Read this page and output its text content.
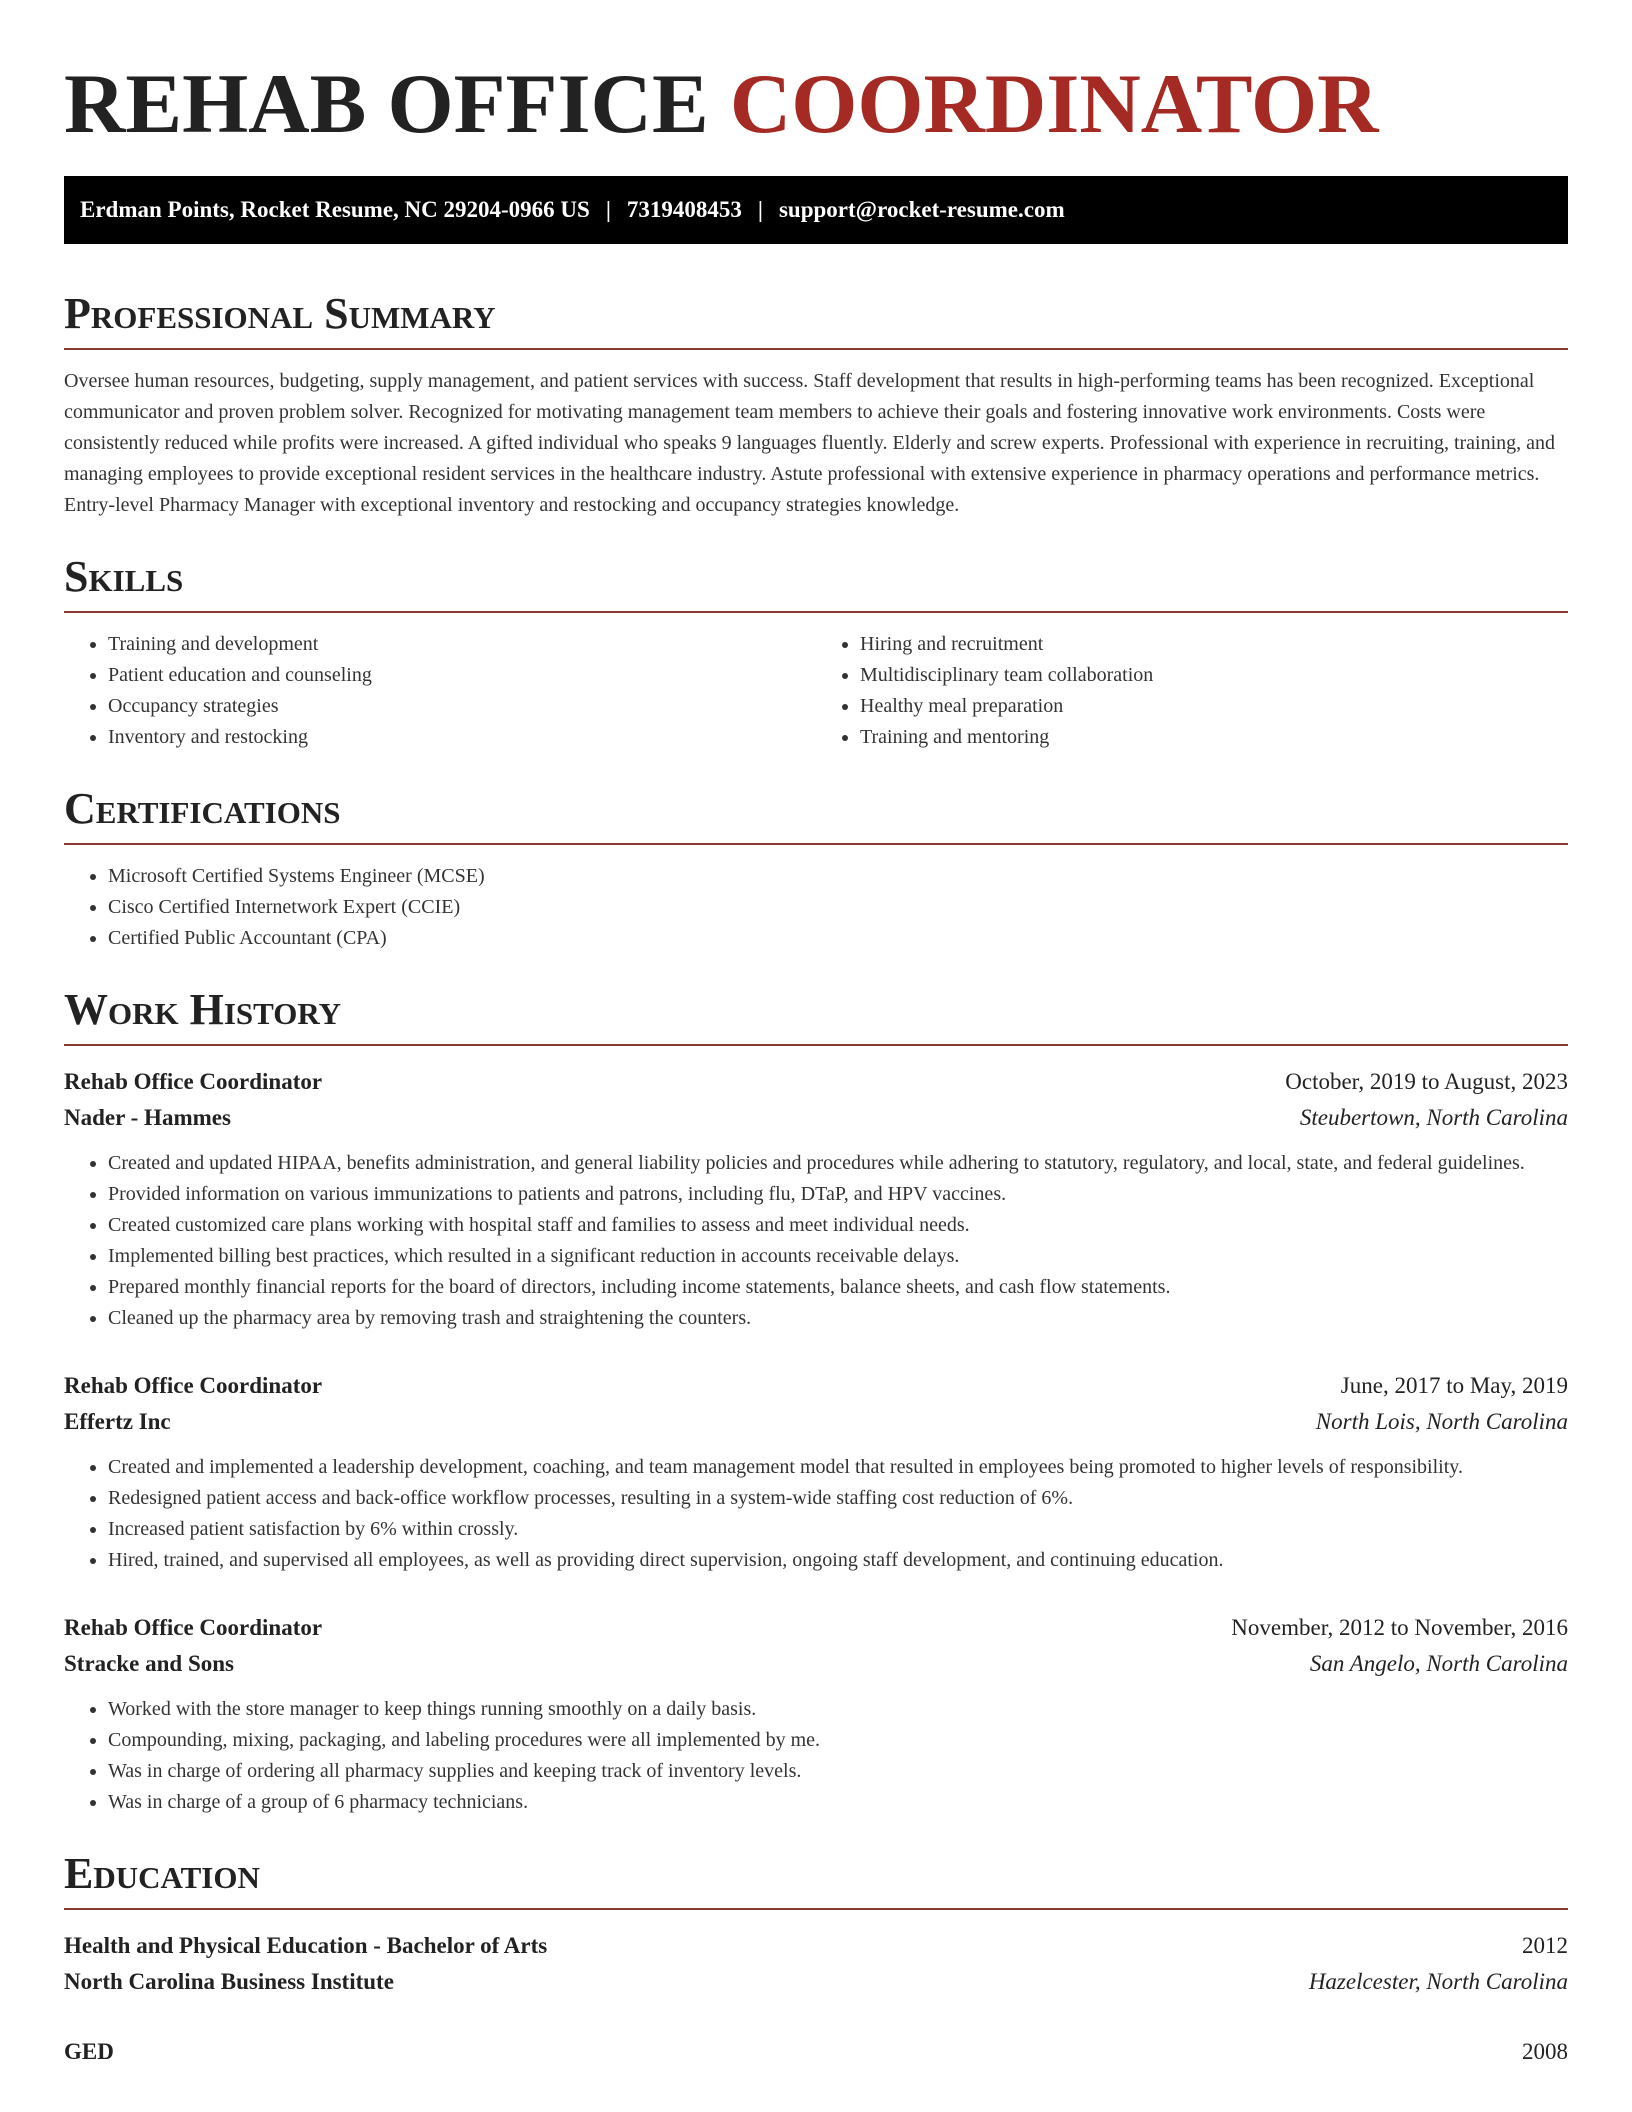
REHAB OFFICE COORDINATOR
Erdman Points, Rocket Resume, NC 29204-0966 US | 7319408453 | support@rocket-resume.com
Professional Summary

Oversee human resources, budgeting, supply management, and patient services with success. Staff development that results in high-performing teams has been recognized. Exceptional communicator and proven problem solver. Recognized for motivating management team members to achieve their goals and fostering innovative work environments. Costs were consistently reduced while profits were increased. A gifted individual who speaks 9 languages fluently. Elderly and screw experts. Professional with experience in recruiting, training, and managing employees to provide exceptional resident services in the healthcare industry. Astute professional with extensive experience in pharmacy operations and performance metrics. Entry-level Pharmacy Manager with exceptional inventory and restocking and occupancy strategies knowledge.

Skills
• Training and development
• Patient education and counseling
• Occupancy strategies
• Inventory and restocking
• Hiring and recruitment
• Multidisciplinary team collaboration
• Healthy meal preparation
• Training and mentoring
Certifications
• Microsoft Certified Systems Engineer (MCSE)
• Cisco Certified Internetwork Expert (CCIE)
• Certified Public Accountant (CPA)
Work History
Rehab Office Coordinator	October, 2019 to August, 2023
Nader - Hammes	Steubertown, North Carolina
• Created and updated HIPAA, benefits administration, and general liability policies and procedures while adhering to statutory, regulatory, and local, state, and federal guidelines.
• Provided information on various immunizations to patients and patrons, including flu, DTaP, and HPV vaccines.
• Created customized care plans working with hospital staff and families to assess and meet individual needs.
• Implemented billing best practices, which resulted in a significant reduction in accounts receivable delays.
• Prepared monthly financial reports for the board of directors, including income statements, balance sheets, and cash flow statements.
• Cleaned up the pharmacy area by removing trash and straightening the counters.
Rehab Office Coordinator	June, 2017 to May, 2019
Effertz Inc	North Lois, North Carolina
• Created and implemented a leadership development, coaching, and team management model that resulted in employees being promoted to higher levels of responsibility.
• Redesigned patient access and back-office workflow processes, resulting in a system-wide staffing cost reduction of 6%.
• Increased patient satisfaction by 6% within crossly.
• Hired, trained, and supervised all employees, as well as providing direct supervision, ongoing staff development, and continuing education.
Rehab Office Coordinator	November, 2012 to November, 2016
Stracke and Sons	San Angelo, North Carolina
• Worked with the store manager to keep things running smoothly on a daily basis.
• Compounding, mixing, packaging, and labeling procedures were all implemented by me.
• Was in charge of ordering all pharmacy supplies and keeping track of inventory levels.
• Was in charge of a group of 6 pharmacy technicians.
Education
Health and Physical Education - Bachelor of Arts	2012
North Carolina Business Institute	Hazelcester, North Carolina
GED	2008
